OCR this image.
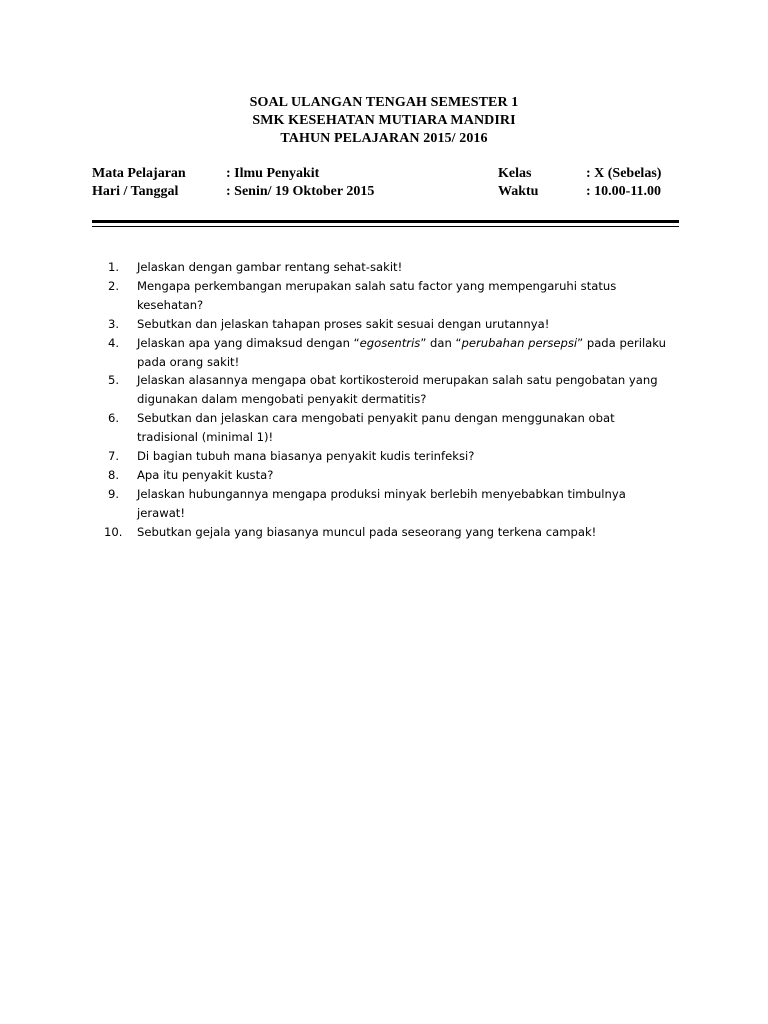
SOAL ULANGAN TENGAH SEMESTER 1
SMK KESEHATAN MUTIARA MANDIRI
TAHUN PELAJARAN 2015/ 2016
Mata Pelajaran	: Ilmu Penyakit	Kelas	: X (Sebelas)
Hari / Tanggal	: Senin/ 19 Oktober 2015	Waktu	: 10.00-11.00
1.	Jelaskan dengan gambar rentang sehat-sakit!
2.	Mengapa perkembangan merupakan salah satu factor yang mempengaruhi status kesehatan?
3.	Sebutkan dan jelaskan tahapan proses sakit sesuai dengan urutannya!
4.	Jelaskan apa yang dimaksud dengan “egosentris” dan “perubahan persepsi” pada perilaku pada orang sakit!
5.	Jelaskan alasannya mengapa obat kortikosteroid merupakan salah satu pengobatan yang digunakan dalam mengobati penyakit dermatitis?
6.	Sebutkan dan jelaskan cara mengobati penyakit panu dengan menggunakan obat tradisional (minimal 1)!
7.	Di bagian tubuh mana biasanya penyakit kudis terinfeksi?
8.	Apa itu penyakit kusta?
9.	Jelaskan hubungannya mengapa produksi minyak berlebih menyebabkan timbulnya jerawat!
10.	Sebutkan gejala yang biasanya muncul pada seseorang yang terkena campak!
